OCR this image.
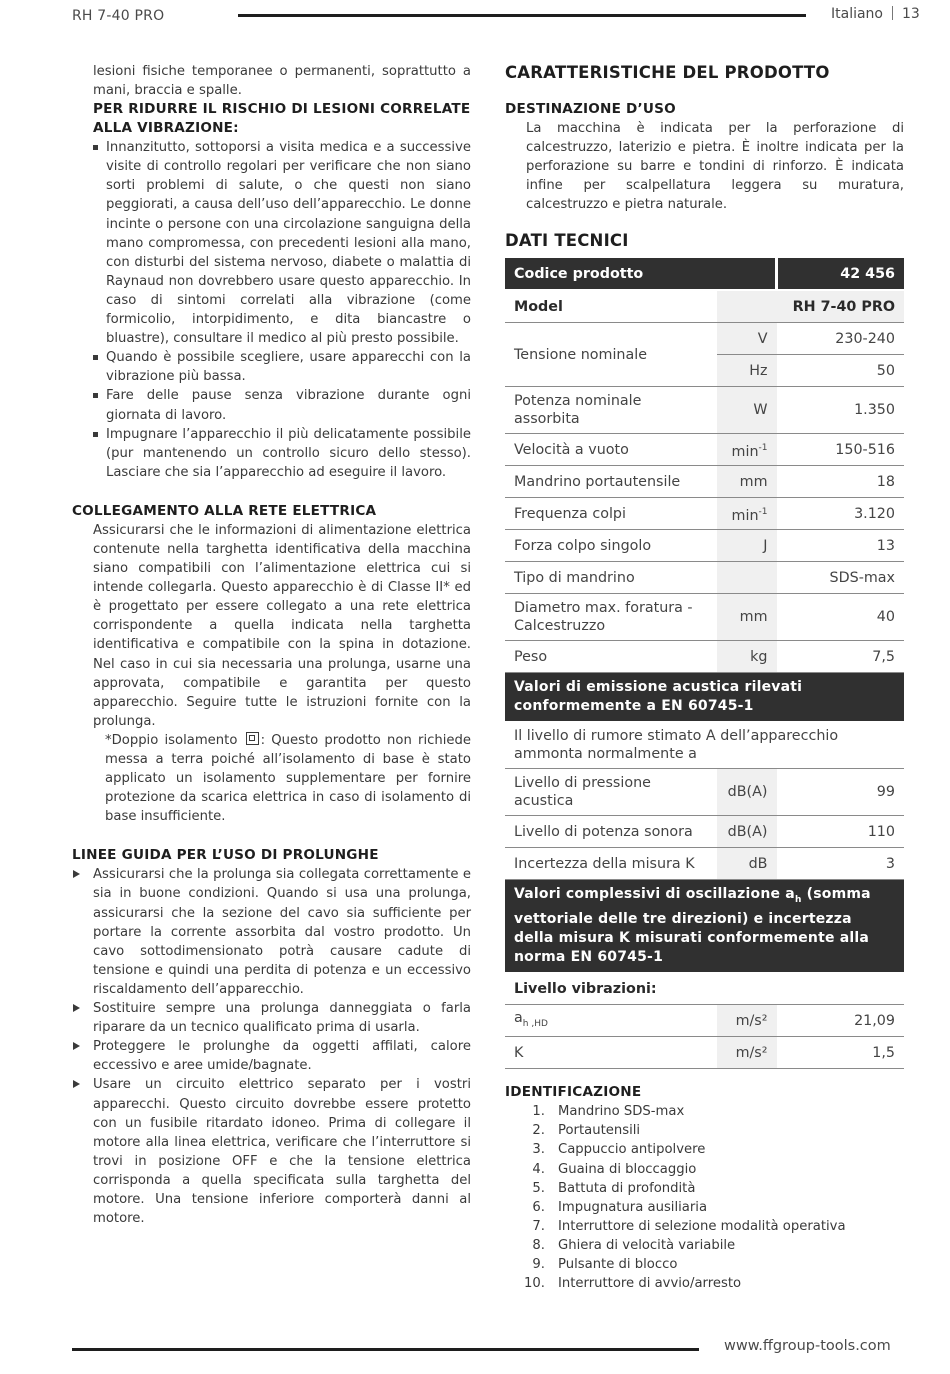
RH 7-40 PRO	Italiano 13

lesioni fisiche temporanee o permanenti, soprattutto a mani, braccia e spalle.

PER RIDURRE IL RISCHIO DI LESIONI CORRELATE ALLA VIBRAZIONE:

Innanzitutto, sottoporsi a visita medica e a successive visite di controllo regolari per verificare che non siano sorti problemi di salute, o che questi non siano peggiorati, a causa dell’uso dell’apparecchio. Le donne incinte o persone con una circolazione sanguigna della mano compromessa, con precedenti lesioni alla mano, con disturbi del sistema nervoso, diabete o malattia di Raynaud non dovrebbero usare questo apparecchio. In caso di sintomi correlati alla vibrazione (come formicolio, intorpidimento, e dita biancastre o bluastre), consultare il medico al più presto possibile.
Quando è possibile scegliere, usare apparecchi con la vibrazione più bassa.
Fare delle pause senza vibrazione durante ogni giornata di lavoro.
Impugnare l’apparecchio il più delicatamente possibile (pur mantenendo un controllo sicuro dello stesso). Lasciare che sia l’apparecchio ad eseguire il lavoro.

COLLEGAMENTO ALLA RETE ELETTRICA

Assicurarsi che le informazioni di alimentazione elettrica contenute nella targhetta identificativa della macchina siano compatibili con l’alimentazione elettrica cui si intende collegarla. Questo apparecchio è di Classe II* ed è progettato per essere collegato a una rete elettrica corrispondente a quella indicata nella targhetta identificativa e compatibile con la spina in dotazione. Nel caso in cui sia necessaria una prolunga, usarne una approvata, compatibile e garantita per questo apparecchio. Seguire tutte le istruzioni fornite con la prolunga.

*Doppio isolamento : Questo prodotto non richiede messa a terra poiché all’isolamento di base è stato applicato un isolamento supplementare per fornire protezione da scarica elettrica in caso di isolamento di base insufficiente.

LINEE GUIDA PER L’USO DI PROLUNGHE

Assicurarsi che la prolunga sia collegata correttamente e sia in buone condizioni. Quando si usa una prolunga, assicurarsi che la sezione del cavo sia sufficiente per portare la corrente assorbita dal vostro prodotto. Un cavo sottodimensionato potrà causare cadute di tensione e quindi una perdita di potenza e un eccessivo riscaldamento dell’apparecchio.
Sostituire sempre una prolunga danneggiata o farla riparare da un tecnico qualificato prima di usarla.
Proteggere le prolunghe da oggetti affilati, calore eccessivo e aree umide/bagnate.
Usare un circuito elettrico separato per i vostri apparecchi. Questo circuito dovrebbe essere protetto con un fusibile ritardato idoneo. Prima di collegare il motore alla linea elettrica, verificare che l’interruttore si trovi in posizione OFF e che la tensione elettrica corrisponda a quella specificata sulla targhetta del motore. Una tensione inferiore comporterà danni al motore.

CARATTERISTICHE DEL PRODOTTO

DESTINAZIONE D’USO

La macchina è indicata per la perforazione di calcestruzzo, laterizio e pietra. È inoltre indicata per la perforazione su barre e tondini di rinforzo. È indicata infine per scalpellatura leggera su muratura, calcestruzzo e pietra naturale.

DATI TECNICI

Codice prodotto		42 456
Model		RH 7-40 PRO
Tensione nominale	V	230-240
	Hz	50
Potenza nominale assorbita	W	1.350
Velocità a vuoto	$\min^{-1}$	150-516
Mandrino portautensile	mm	18
Frequenza colpi	$\min^{-1}$	3.120
Forza colpo singolo	J	13
Tipo di mandrino		SDS-max
Diametro max. foratura -Calcestruzzo	mm	40
Peso	kg	7,5
Valori di emissione acustica rilevati conformemente a EN 60745-1		
Il livello di rumore stimato A dell’apparecchio ammonta normalmente a		
Livello di pressione acustica	dB(A)	99
Livello di potenza sonora	dB(A)	110
Incertezza della misura K	dB	3
Valori complessivi di oscillazione $a_h$ (somma vettoriale delle tre direzioni) e incertezza della misura K misurati conformemente alla norma EN 60745-1		
Livello vibrazioni:		
$a_{h ,HD}$	m/s²	21,09
K	m/s²	1,5

IDENTIFICAZIONE

1. Mandrino SDS-max
2. Portautensili
3. Cappuccio antipolvere
4. Guaina di bloccaggio
5. Battuta di profondità
6. Impugnatura ausiliaria
7. Interruttore di selezione modalità operativa
8. Ghiera di velocità variabile
9. Pulsante di blocco
10. Interruttore di avvio/arresto
www.ffgroup-tools.com
